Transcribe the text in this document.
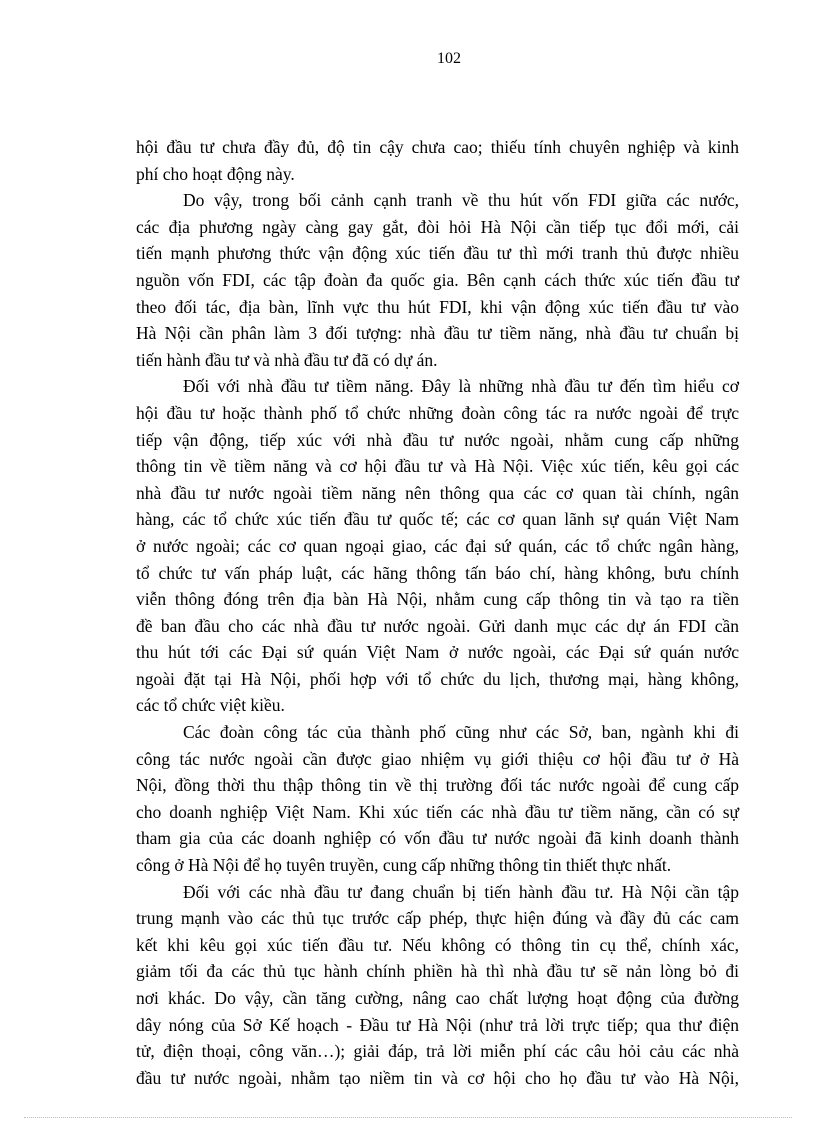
102
hội đầu tư chưa đầy đủ, độ tin cậy chưa cao; thiếu tính chuyên nghiệp và kinh
phí cho hoạt động này.
Do vậy, trong bối cảnh cạnh tranh về thu hút vốn FDI giữa các nước,
các địa phương ngày càng gay gắt, đòi hỏi Hà Nội cần tiếp tục đổi mới, cải
tiến mạnh phương thức vận động xúc tiến đầu tư thì mới tranh thủ được nhiều
nguồn vốn FDI, các tập đoàn đa quốc gia. Bên cạnh cách thức xúc tiến đầu tư
theo đối tác, địa bàn, lĩnh vực thu hút FDI, khi vận động xúc tiến đầu tư vào
Hà Nội cần phân làm 3 đối tượng: nhà đầu tư tiềm năng, nhà đầu tư chuẩn bị
tiến hành đầu tư và nhà đầu tư đã có dự án.
Đối với nhà đầu tư tiềm năng. Đây là những nhà đầu tư đến tìm hiểu cơ
hội đầu tư hoặc thành phố tổ chức những đoàn công tác ra nước ngoài để trực
tiếp vận động, tiếp xúc với nhà đầu tư nước ngoài, nhằm cung cấp những
thông tin về tiềm năng và cơ hội đầu tư và Hà Nội. Việc xúc tiến, kêu gọi các
nhà đầu tư nước ngoài tiềm năng nên thông qua các cơ quan tài chính, ngân
hàng, các tổ chức xúc tiến đầu tư quốc tế; các cơ quan lãnh sự quán Việt Nam
ở nước ngoài; các cơ quan ngoại giao, các đại sứ quán, các tổ chức ngân hàng,
tổ chức tư vấn pháp luật, các hãng thông tấn báo chí, hàng không, bưu chính
viễn thông đóng trên địa bàn Hà Nội, nhằm cung cấp thông tin và tạo ra tiền
đề ban đầu cho các nhà đầu tư nước ngoài. Gửi danh mục các dự án FDI cần
thu hút tới các Đại sứ quán Việt Nam ở nước ngoài, các Đại sứ quán nước
ngoài đặt tại Hà Nội, phối hợp với tổ chức du lịch, thương mại, hàng không,
các tổ chức việt kiều.
Các đoàn công tác của thành phố cũng như các Sở, ban, ngành khi đi
công tác nước ngoài cần được giao nhiệm vụ giới thiệu cơ hội đầu tư ở Hà
Nội, đồng thời thu thập thông tin về thị trường đối tác nước ngoài để cung cấp
cho doanh nghiệp Việt Nam. Khi xúc tiến các nhà đầu tư tiềm năng, cần có sự
tham gia của các doanh nghiệp có vốn đầu tư nước ngoài đã kinh doanh thành
công ở Hà Nội để họ tuyên truyền, cung cấp những thông tin thiết thực nhất.
Đối với các nhà đầu tư đang chuẩn bị tiến hành đầu tư. Hà Nội cần tập
trung mạnh vào các thủ tục trước cấp phép, thực hiện đúng và đầy đủ các cam
kết khi kêu gọi xúc tiến đầu tư. Nếu không có thông tin cụ thể, chính xác,
giảm tối đa các thủ tục hành chính phiền hà thì nhà đầu tư sẽ nản lòng bỏ đi
nơi khác. Do vậy, cần tăng cường, nâng cao chất lượng hoạt động của đường
dây nóng của Sở Kế hoạch - Đầu tư Hà Nội (như trả lời trực tiếp; qua thư điện
tử, điện thoại, công văn…); giải đáp, trả lời miễn phí các câu hỏi cảu các nhà
đầu tư nước ngoài, nhằm tạo niềm tin và cơ hội cho họ đầu tư vào Hà Nội,
